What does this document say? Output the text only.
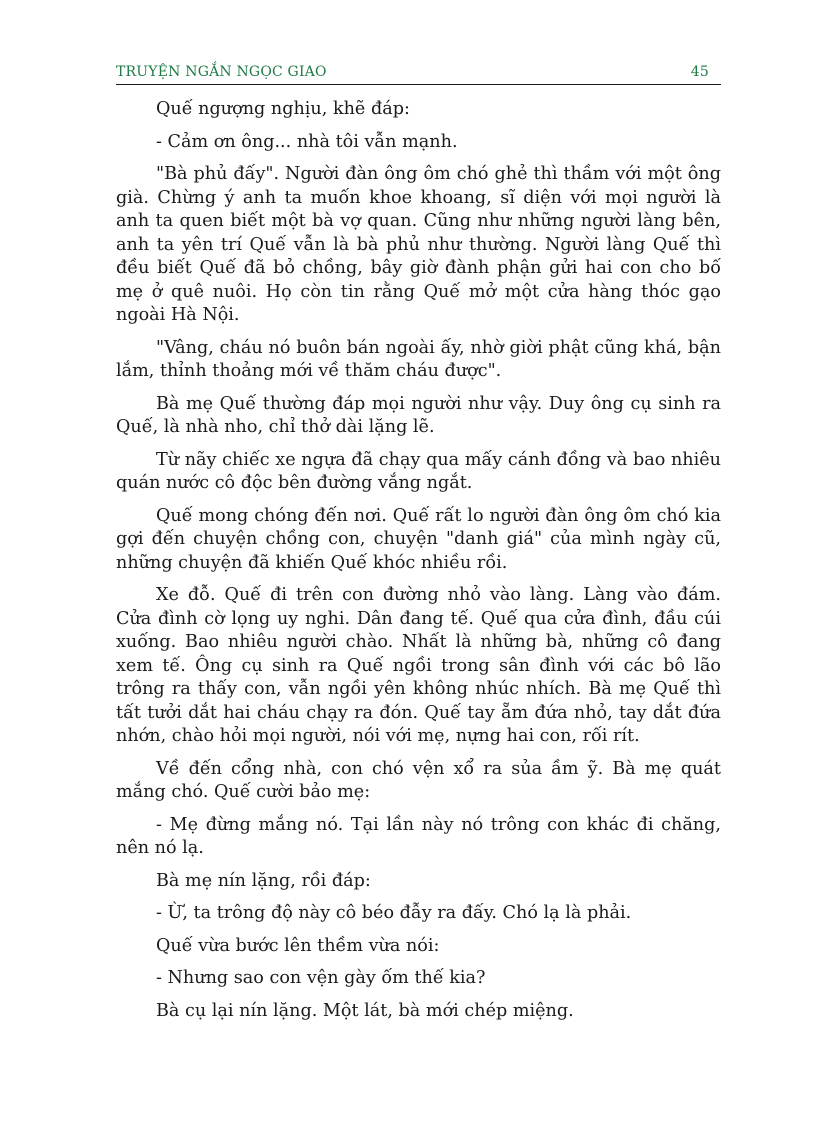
TRUYỆN NGẮN NGỌC GIAO	45

Quế ngượng nghịu, khẽ đáp:

- Cảm ơn ông... nhà tôi vẫn mạnh.

"Bà phủ đấy". Người đàn ông ôm chó ghẻ thì thầm với một ông già. Chừng ý anh ta muốn khoe khoang, sĩ diện với mọi người là anh ta quen biết một bà vợ quan. Cũng như những người làng bên, anh ta yên trí Quế vẫn là bà phủ như thường. Người làng Quế thì đều biết Quế đã bỏ chồng, bây giờ đành phận gửi hai con cho bố mẹ ở quê nuôi. Họ còn tin rằng Quế mở một cửa hàng thóc gạo ngoài Hà Nội.

"Vâng, cháu nó buôn bán ngoài ấy, nhờ giời phật cũng khá, bận lắm, thỉnh thoảng mới về thăm cháu được".

Bà mẹ Quế thường đáp mọi người như vậy. Duy ông cụ sinh ra Quế, là nhà nho, chỉ thở dài lặng lẽ.

Từ nãy chiếc xe ngựa đã chạy qua mấy cánh đồng và bao nhiêu quán nước cô độc bên đường vắng ngắt.

Quế mong chóng đến nơi. Quế rất lo người đàn ông ôm chó kia gợi đến chuyện chồng con, chuyện "danh giá" của mình ngày cũ, những chuyện đã khiến Quế khóc nhiều rồi.

Xe đỗ. Quế đi trên con đường nhỏ vào làng. Làng vào đám. Cửa đình cờ lọng uy nghi. Dân đang tế. Quế qua cửa đình, đầu cúi xuống. Bao nhiêu người chào. Nhất là những bà, những cô đang xem tế. Ông cụ sinh ra Quế ngồi trong sân đình với các bô lão trông ra thấy con, vẫn ngồi yên không nhúc nhích. Bà mẹ Quế thì tất tưởi dắt hai cháu chạy ra đón. Quế tay ẵm đứa nhỏ, tay dắt đứa nhớn, chào hỏi mọi người, nói với mẹ, nựng hai con, rối rít.

Về đến cổng nhà, con chó vện xổ ra sủa ầm ỹ. Bà mẹ quát mắng chó. Quế cười bảo mẹ:

- Mẹ đừng mắng nó. Tại lần này nó trông con khác đi chăng, nên nó lạ.

Bà mẹ nín lặng, rồi đáp:

- Ừ, ta trông độ này cô béo đẫy ra đấy. Chó lạ là phải.

Quế vừa bước lên thềm vừa nói:

- Nhưng sao con vện gày ốm thế kia?

Bà cụ lại nín lặng. Một lát, bà mới chép miệng.
